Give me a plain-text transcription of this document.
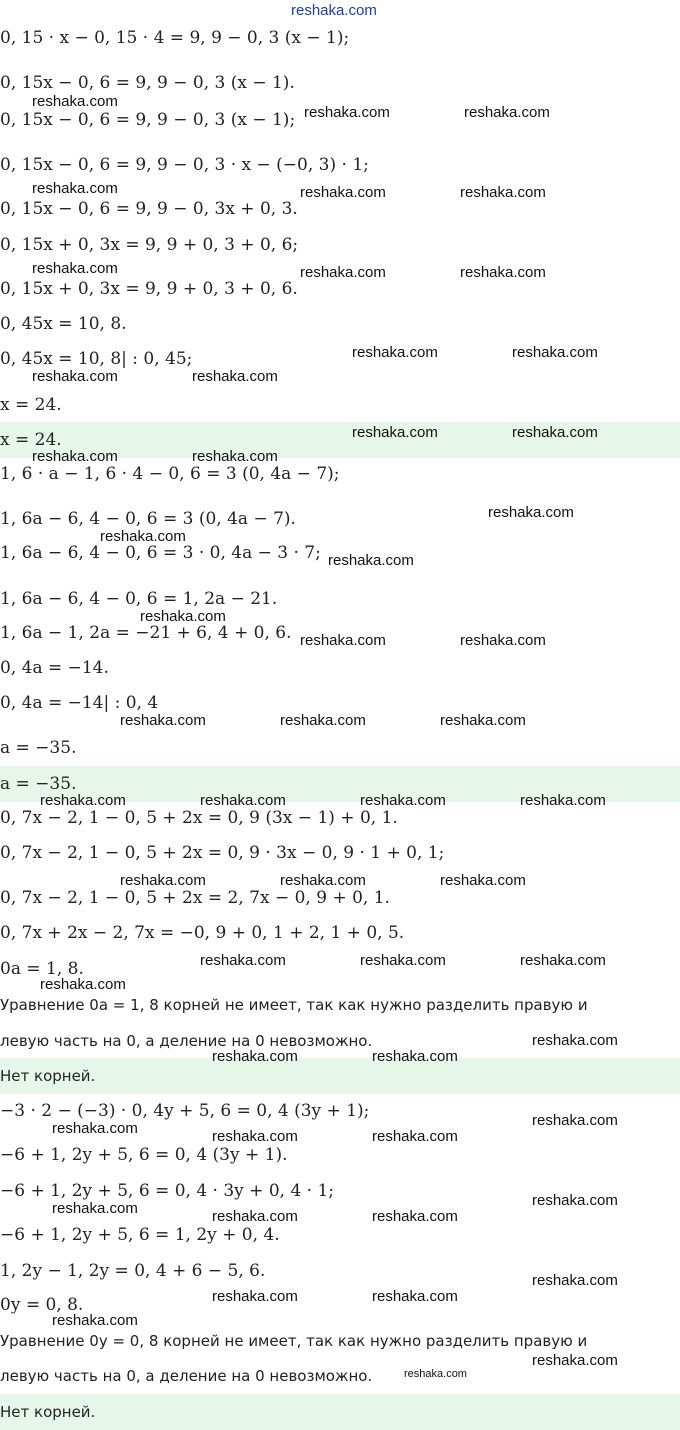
reshaka.com
0, 15 · x − 0, 15 · 4 = 9, 9 − 0, 3 (x − 1);
0, 15x − 0, 6 = 9, 9 − 0, 3 (x − 1).
0, 15x − 0, 6 = 9, 9 − 0, 3 (x − 1);
0, 15x − 0, 6 = 9, 9 − 0, 3 · x − (−0, 3) · 1;
0, 15x − 0, 6 = 9, 9 − 0, 3x + 0, 3.
0, 15x + 0, 3x = 9, 9 + 0, 3 + 0, 6;
0, 15x + 0, 3x = 9, 9 + 0, 3 + 0, 6.
0, 45x = 10, 8.
0, 45x = 10, 8| : 0, 45;
x = 24.
x = 24.
1, 6 · a − 1, 6 · 4 − 0, 6 = 3 (0, 4a − 7);
1, 6a − 6, 4 − 0, 6 = 3 (0, 4a − 7).
1, 6a − 6, 4 − 0, 6 = 3 · 0, 4a − 3 · 7;
1, 6a − 6, 4 − 0, 6 = 1, 2a − 21.
1, 6a − 1, 2a = −21 + 6, 4 + 0, 6.
0, 4a = −14.
0, 4a = −14| : 0, 4
a = −35.
a = −35.
0, 7x − 2, 1 − 0, 5 + 2x = 0, 9 (3x − 1) + 0, 1.
0, 7x − 2, 1 − 0, 5 + 2x = 0, 9 · 3x − 0, 9 · 1 + 0, 1;
0, 7x − 2, 1 − 0, 5 + 2x = 2, 7x − 0, 9 + 0, 1.
0, 7x + 2x − 2, 7x = −0, 9 + 0, 1 + 2, 1 + 0, 5.
0a = 1, 8.
Уравнение 0a = 1, 8 корней не имеет, так как нужно разделить правую и
левую часть на 0, а деление на 0 невозможно.
Нет корней.
−3 · 2 − (−3) · 0, 4y + 5, 6 = 0, 4 (3y + 1);
−6 + 1, 2y + 5, 6 = 0, 4 (3y + 1).
−6 + 1, 2y + 5, 6 = 0, 4 · 3y + 0, 4 · 1;
−6 + 1, 2y + 5, 6 = 1, 2y + 0, 4.
1, 2y − 1, 2y = 0, 4 + 6 − 5, 6.
0y = 0, 8.
Уравнение 0y = 0, 8 корней не имеет, так как нужно разделить правую и
левую часть на 0, а деление на 0 невозможно.
Нет корней.
reshaka.com
reshaka.com	reshaka.com
reshaka.com	reshaka.com	reshaka.com
reshaka.com	reshaka.com	reshaka.com
reshaka.com	reshaka.com
reshaka.com	reshaka.com
reshaka.com	reshaka.com
reshaka.com	reshaka.com
reshaka.com
reshaka.com
reshaka.com
reshaka.com
reshaka.com	reshaka.com
reshaka.com	reshaka.com	reshaka.com
reshaka.com	reshaka.com	reshaka.com	reshaka.com
reshaka.com	reshaka.com	reshaka.com
reshaka.com	reshaka.com	reshaka.com
reshaka.com
reshaka.com
reshaka.com	reshaka.com
reshaka.com
reshaka.com	reshaka.com	reshaka.com
reshaka.com
reshaka.com	reshaka.com	reshaka.com
reshaka.com
reshaka.com	reshaka.com
reshaka.com
reshaka.com
reshaka.com
